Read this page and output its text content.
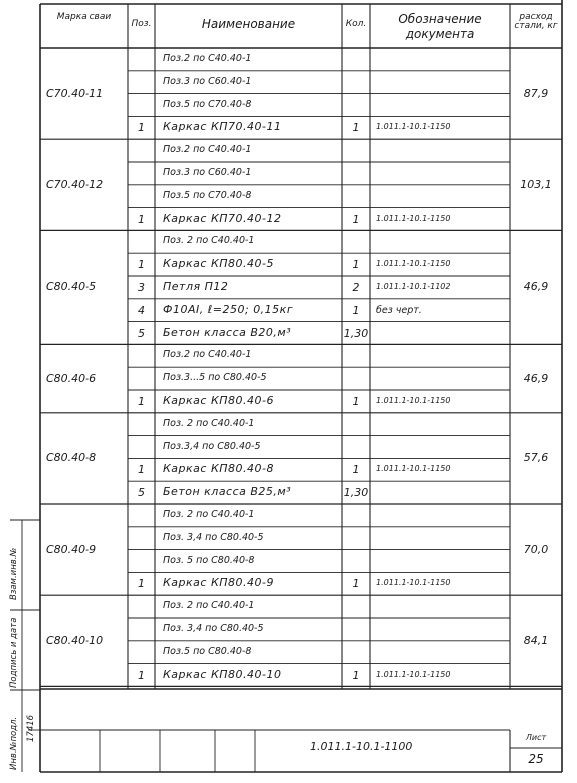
Марка свaи
Поз.	Наименование	Кол.	Обозначение документа
расход стали, кг
Поз.2 по C40.40-1
Поз.3 по C60.40-1
Поз.5 по C70.40-8
1	Каркас КП70.40-11	1	1.011.1-10.1-1150
C70.40-11	87,9
Поз.2 по C40.40-1
Поз.3 по C60.40-1
Поз.5 по C70.40-8
1	Каркас КП70.40-12	1	1.011.1-10.1-1150
C70.40-12	103,1
Поз. 2 по C40.40-1
1	Каркас КП80.40-5	1	1.011.1-10.1-1150
3	Петля П12	2	1.011.1-10.1-1102
4	Ф10АI, ℓ=250; 0,15кг	1	без черт.
5	Бетон класса В20,м³	1,30
C80.40-5	46,9
Поз.2 по C40.40-1
Поз.3...5 по C80.40-5
1	Каркас КП80.40-6	1	1.011.1-10.1-1150
C80.40-6	46,9
Поз. 2 по C40.40-1
Поз.3,4 по C80.40-5
1	Каркас КП80.40-8	1	1.011.1-10.1-1150
5	Бетон класса В25,м³	1,30
C80.40-8	57,6
Поз. 2 по C40.40-1
Поз. 3,4 по C80.40-5
Поз. 5 по C80.40-8
1	Каркас КП80.40-9	1	1.011.1-10.1-1150
C80.40-9	70,0
Поз. 2 по C40.40-1
Поз. 3,4 по C80.40-5
Поз.5 по C80.40-8
1	Каркас КП80.40-10	1	1.011.1-10.1-1150
C80.40-10	84,1
1.011.1-10.1-1100
Лист
25
Взам.инв.№
Подпись и дата
Инв.№подл. 17416
